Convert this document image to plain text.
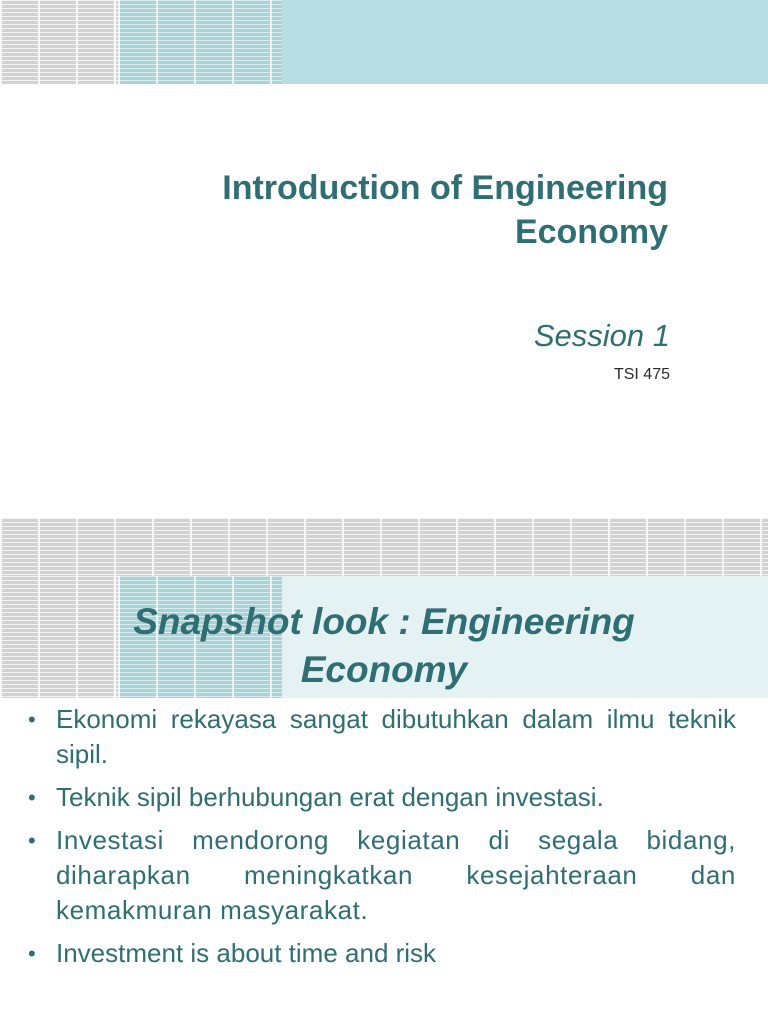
Introduction of Engineering
Economy

Session 1

TSI 475

Snapshot look : Engineering
Economy
• Ekonomi rekayasa sangat dibutuhkan dalam ilmu teknik sipil.
• Teknik sipil berhubungan erat dengan investasi.
• Investasi mendorong kegiatan di segala bidang, diharapkan meningkatkan kesejahteraan dan kemakmuran masyarakat.
• Investment is about time and risk
